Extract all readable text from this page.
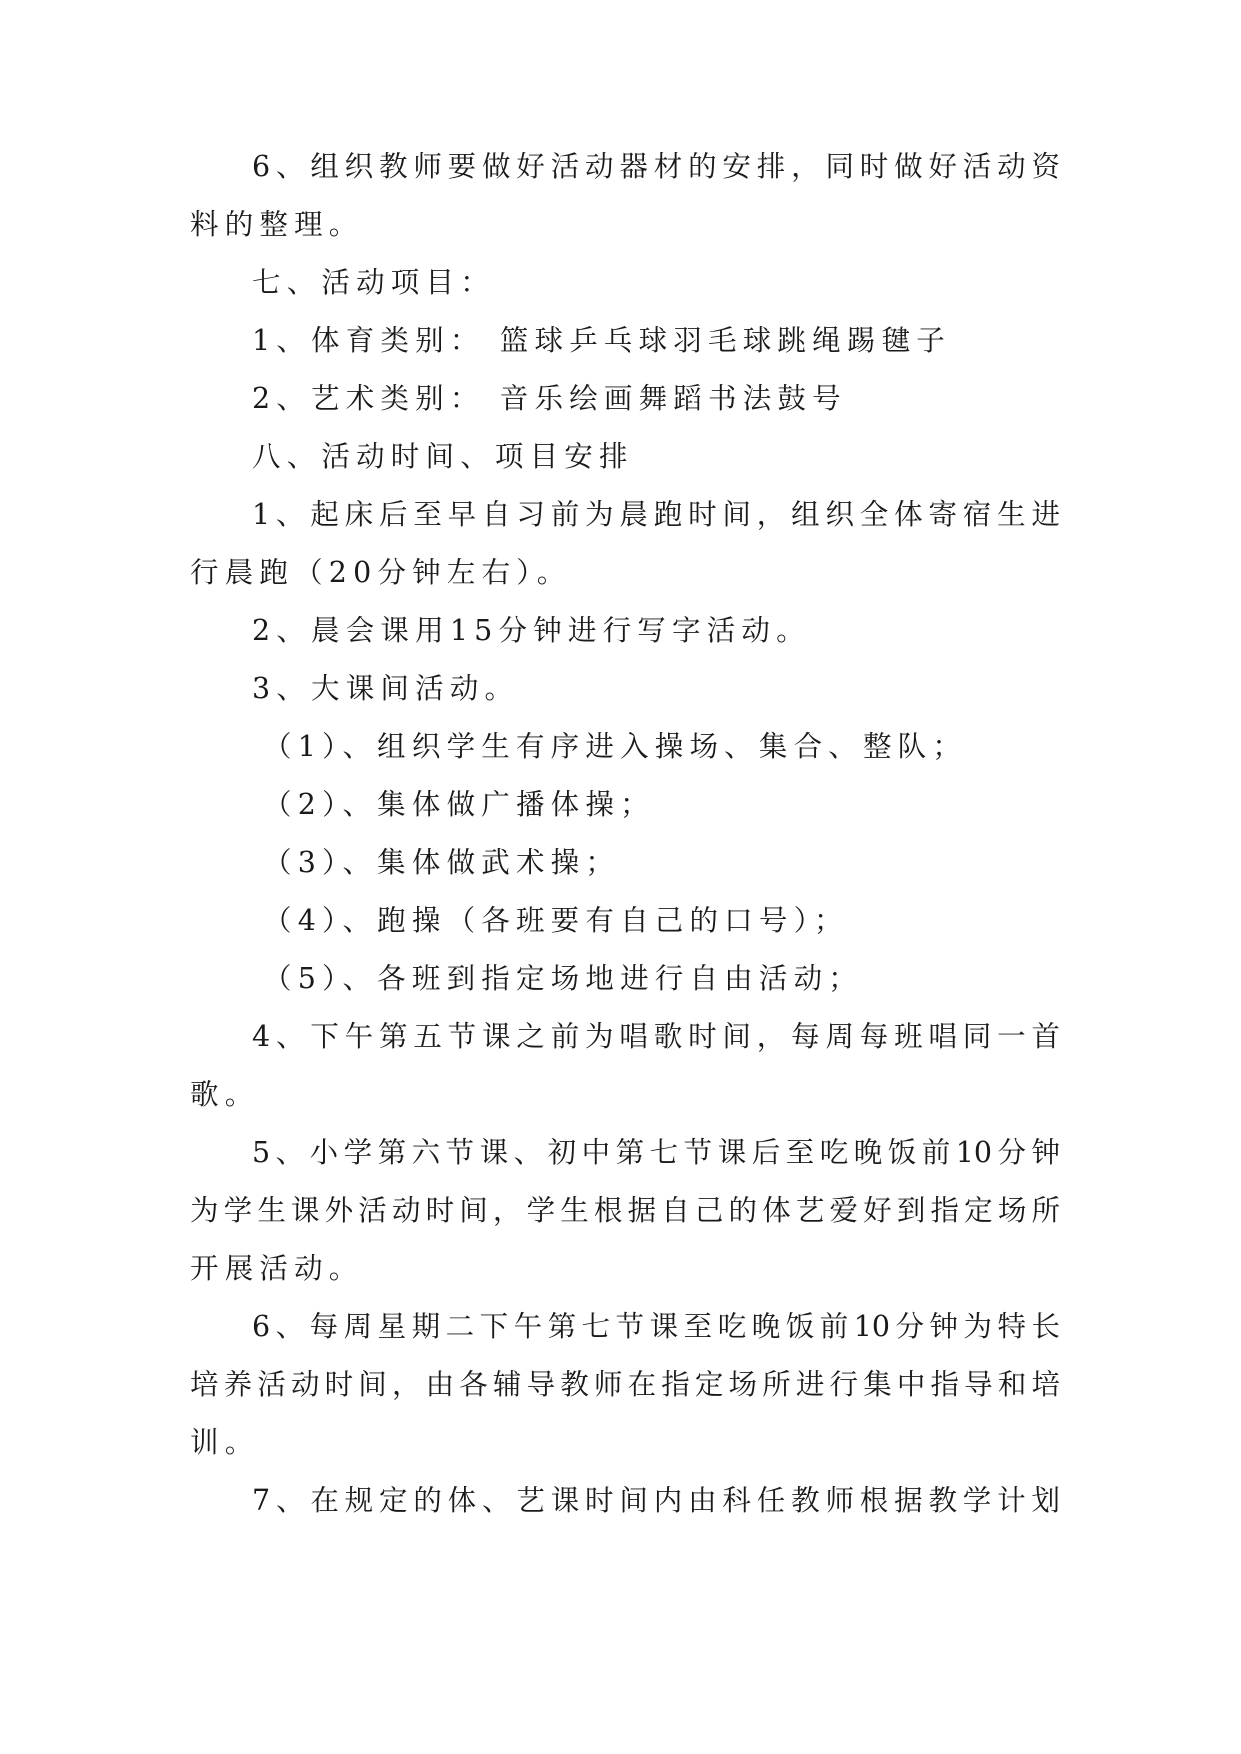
6、组织教师要做好活动器材的安排，同时做好活动资
料的整理。
七、活动项目：
1、体育类别： 篮球乒乓球羽毛球跳绳踢毽子
2、艺术类别： 音乐绘画舞蹈书法鼓号
八、活动时间、项目安排
1、起床后至早自习前为晨跑时间，组织全体寄宿生进
行晨跑（20分钟左右）。
2、晨会课用15分钟进行写字活动。
3、大课间活动。
（1）、组织学生有序进入操场、集合、整队；
（2）、集体做广播体操；
（3）、集体做武术操；
（4）、跑操（各班要有自己的口号）；
（5）、各班到指定场地进行自由活动；
4、下午第五节课之前为唱歌时间，每周每班唱同一首
歌。
5、小学第六节课、初中第七节课后至吃晚饭前10分钟
为学生课外活动时间，学生根据自己的体艺爱好到指定场所
开展活动。
6、每周星期二下午第七节课至吃晚饭前10分钟为特长
培养活动时间，由各辅导教师在指定场所进行集中指导和培
训。
7、在规定的体、艺课时间内由科任教师根据教学计划
